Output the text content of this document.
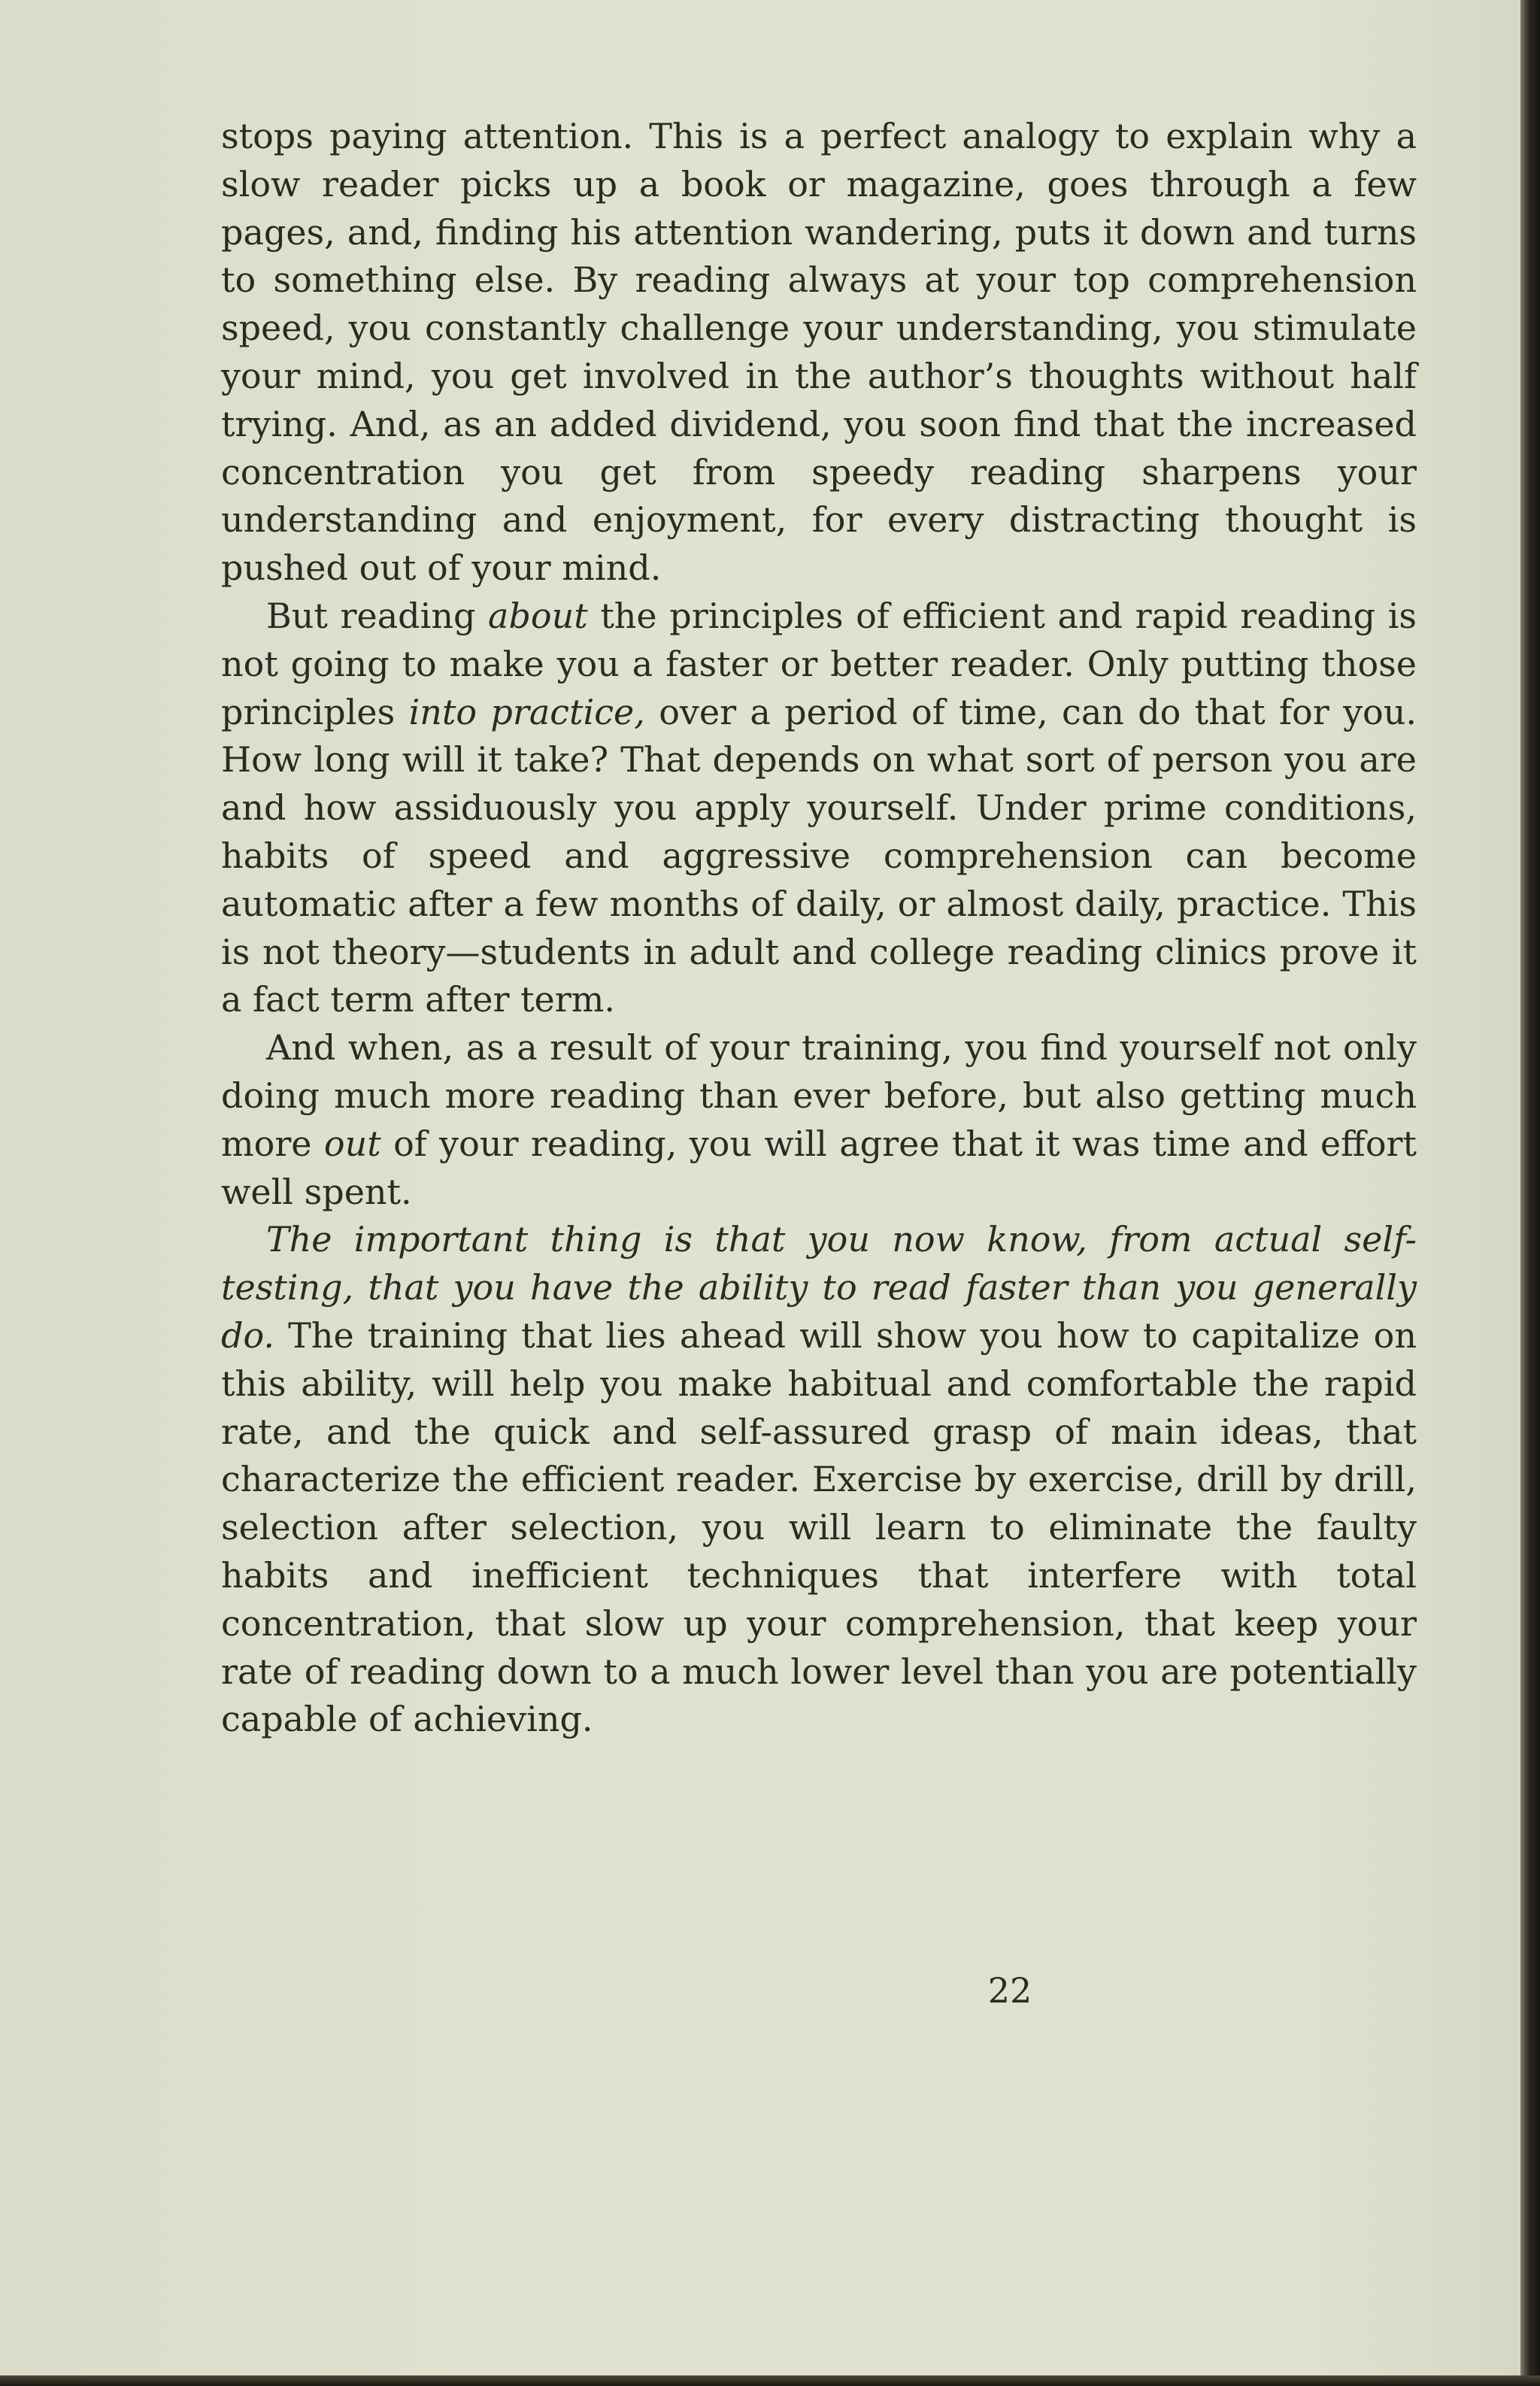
stops paying attention. This is a perfect analogy to explain why a slow reader picks up a book or magazine, goes through a few pages, and, finding his attention wandering, puts it down and turns to something else. By reading always at your top comprehension speed, you constantly challenge your understanding, you stimulate your mind, you get involved in the author’s thoughts without half trying. And, as an added dividend, you soon find that the increased concentration you get from speedy reading sharpens your understanding and enjoyment, for every distracting thought is pushed out of your mind.

But reading about the principles of efficient and rapid reading is not going to make you a faster or better reader. Only putting those principles into practice, over a period of time, can do that for you. How long will it take? That depends on what sort of person you are and how assiduously you apply yourself. Under prime conditions, habits of speed and aggressive comprehension can become automatic after a few months of daily, or almost daily, practice. This is not theory—students in adult and college reading clinics prove it a fact term after term.

And when, as a result of your training, you find yourself not only doing much more reading than ever before, but also getting much more out of your reading, you will agree that it was time and effort well spent.

The important thing is that you now know, from actual self-testing, that you have the ability to read faster than you generally do. The training that lies ahead will show you how to capitalize on this ability, will help you make habitual and comfortable the rapid rate, and the quick and self-assured grasp of main ideas, that characterize the efficient reader. Exercise by exercise, drill by drill, selection after selection, you will learn to eliminate the faulty habits and inefficient techniques that interfere with total concentration, that slow up your comprehension, that keep your rate of reading down to a much lower level than you are potentially capable of achieving.

22
